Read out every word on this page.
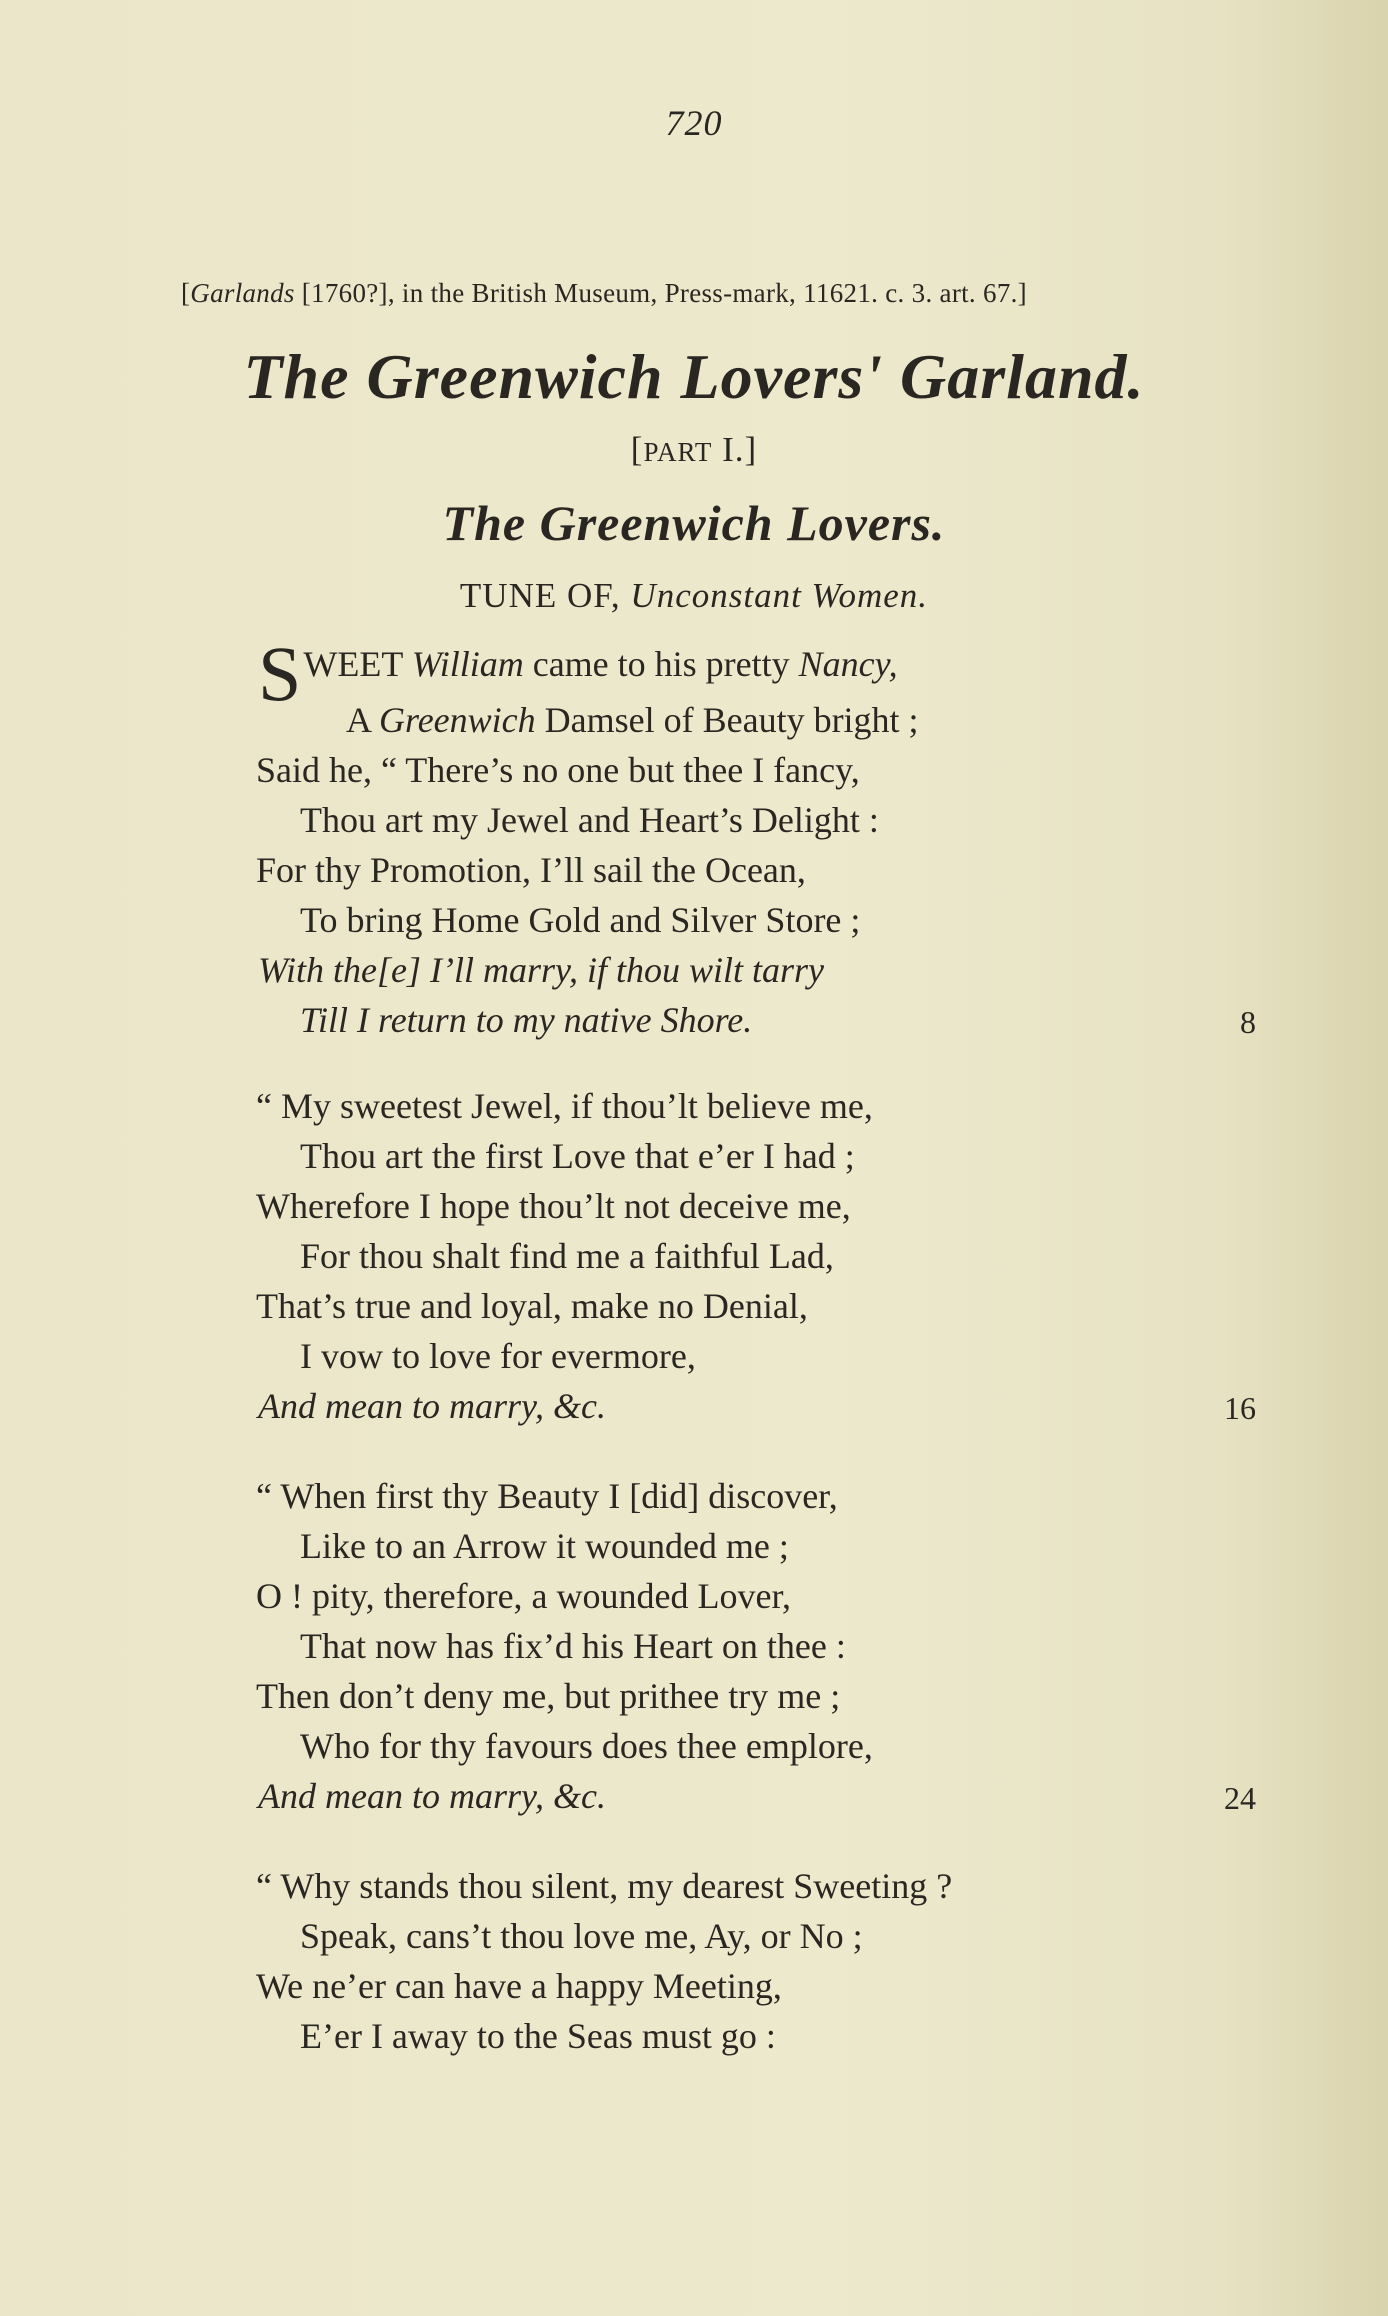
720
[Garlands [1760?], in the British Museum, Press-mark, 11621. c. 3. art. 67.]
The Greenwich Lovers' Garland.
[PART I.]
The Greenwich Lovers.
TUNE OF, Unconstant Women.
SWEET William came to his pretty Nancy,
A Greenwich Damsel of Beauty bright ;
Said he, “ There’s no one but thee I fancy,
Thou art my Jewel and Heart’s Delight :
For thy Promotion, I’ll sail the Ocean,
To bring Home Gold and Silver Store ;
With the[e] I’ll marry, if thou wilt tarry
Till I return to my native Shore.	8
“ My sweetest Jewel, if thou’lt believe me,
Thou art the first Love that e’er I had ;
Wherefore I hope thou’lt not deceive me,
For thou shalt find me a faithful Lad,
That’s true and loyal, make no Denial,
I vow to love for evermore,
And mean to marry, &c.	16
“ When first thy Beauty I [did] discover,
Like to an Arrow it wounded me ;
O ! pity, therefore, a wounded Lover,
That now has fix’d his Heart on thee :
Then don’t deny me, but prithee try me ;
Who for thy favours does thee emplore,
And mean to marry, &c.	24
“ Why stands thou silent, my dearest Sweeting ?
Speak, cans’t thou love me, Ay, or No ;
We ne’er can have a happy Meeting,
E’er I away to the Seas must go :
